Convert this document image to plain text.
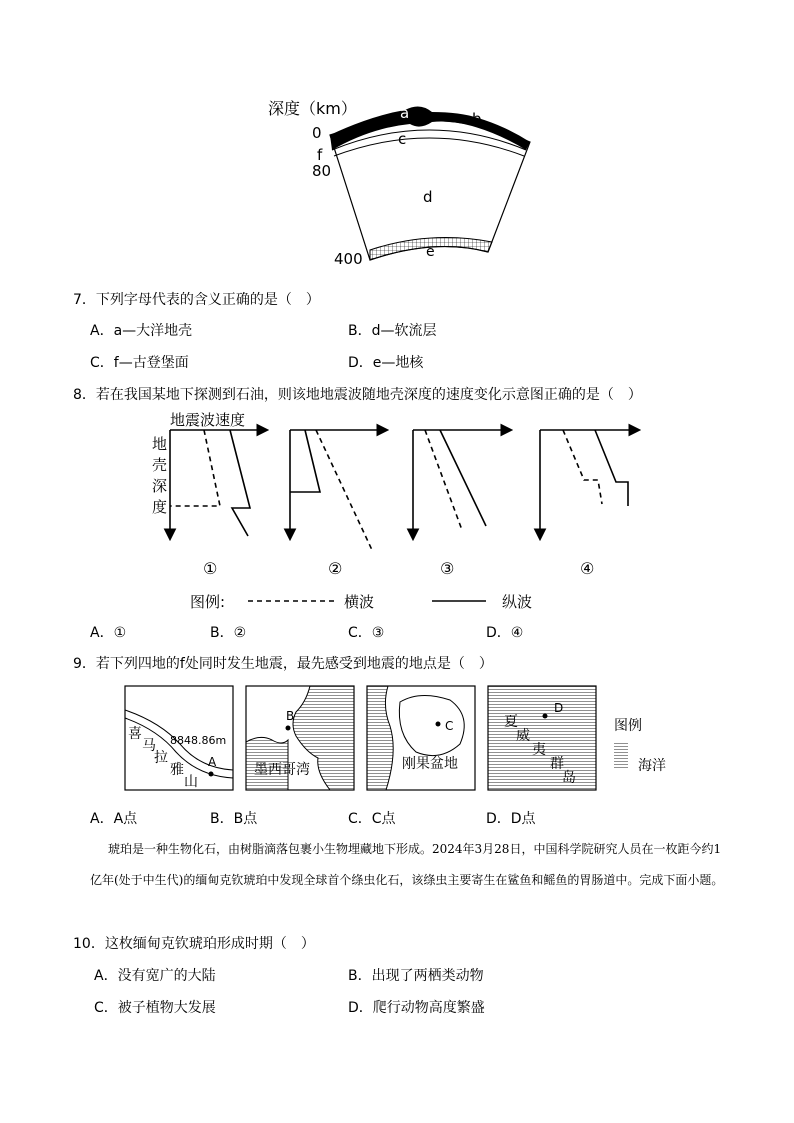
深度（km）	a	b
c
d
e
f
0
80
400
7．下列字母代表的含义正确的是（　）
A．a—大洋地壳	B．d—软流层
C．f—古登堡面	D．e—地核
8．若在我国某地下探测到石油，则该地地震波随地壳深度的速度变化示意图正确的是（　）
地震波速度
地
壳
深
度
①	②	③	④
图例:	横波	纵波
A．①	B．②	C．③	D．④
9．若下列四地的f处同时发生地震，最先感受到地震的地点是（　）
喜
马
拉
雅
山
8848.86m
A
B
墨西哥湾
C
刚果盆地
D
夏
威
夷
群
岛
图例
海洋
A．A点	B．B点	C．C点	D．D点
琥珀是一种生物化石，由树脂滴落包裹小生物埋藏地下形成。2024年3月28日，中国科学院研究人员在一枚距今约1亿年(处于中生代)的缅甸克钦琥珀中发现全球首个绦虫化石，该绦虫主要寄生在鲨鱼和鳐鱼的胃肠道中。完成下面小题。
10．这枚缅甸克钦琥珀形成时期（　）
A．没有宽广的大陆	B．出现了两栖类动物
C．被子植物大发展	D．爬行动物高度繁盛
